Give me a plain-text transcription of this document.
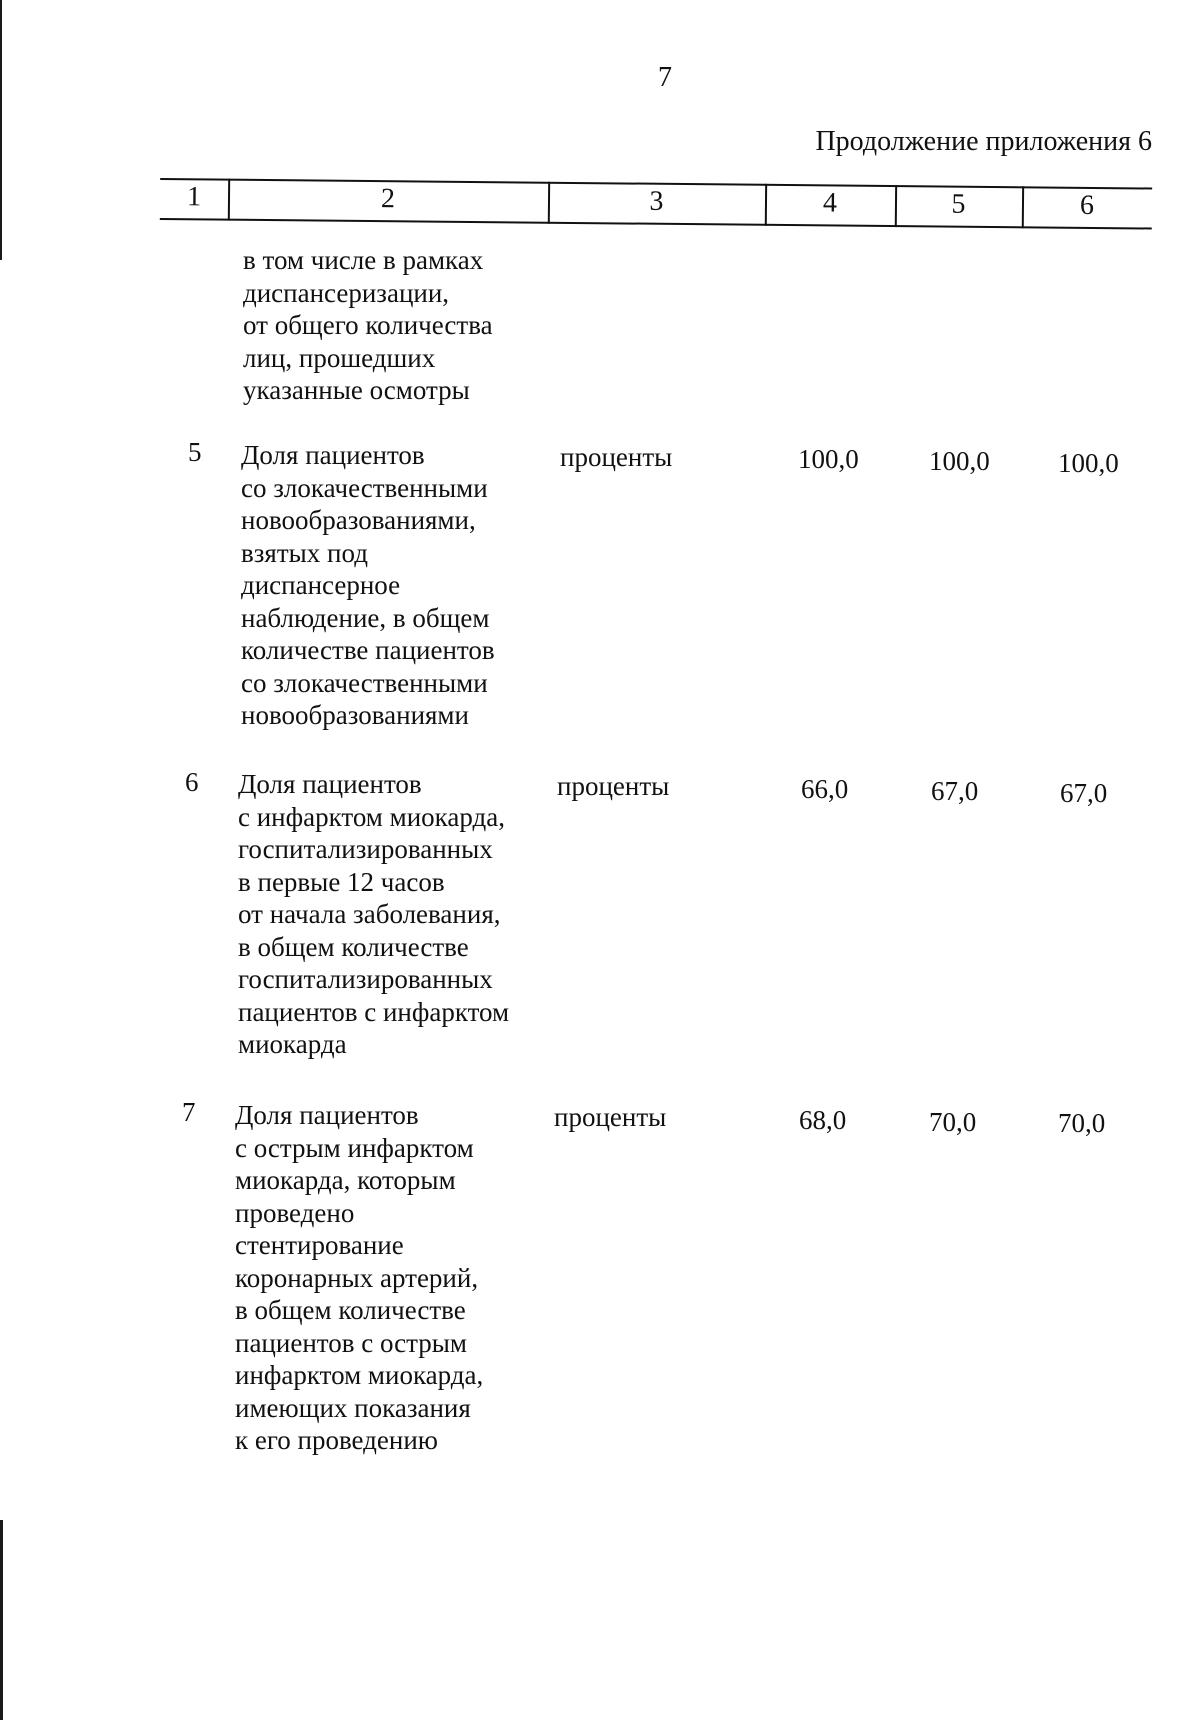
7
Продолжение приложения 6
1	2	3	4	5	6
в том числе в рамках
диспансеризации,
от общего количества
лиц, прошедших
указанные осмотры
5 Доля пациентов
со злокачественными
новообразованиями,
взятых под
диспансерное
наблюдение, в общем
количестве пациентов
со злокачественными
новообразованиями
проценты	100,0	100,0	100,0
6 Доля пациентов
с инфарктом миокарда,
госпитализированных
в первые 12 часов
от начала заболевания,
в общем количестве
госпитализированных
пациентов с инфарктом
миокарда
проценты	66,0	67,0	67,0
7 Доля пациентов
с острым инфарктом
миокарда, которым
проведено
стентирование
коронарных артерий,
в общем количестве
пациентов с острым
инфарктом миокарда,
имеющих показания
к его проведению
проценты	68,0	70,0	70,0
